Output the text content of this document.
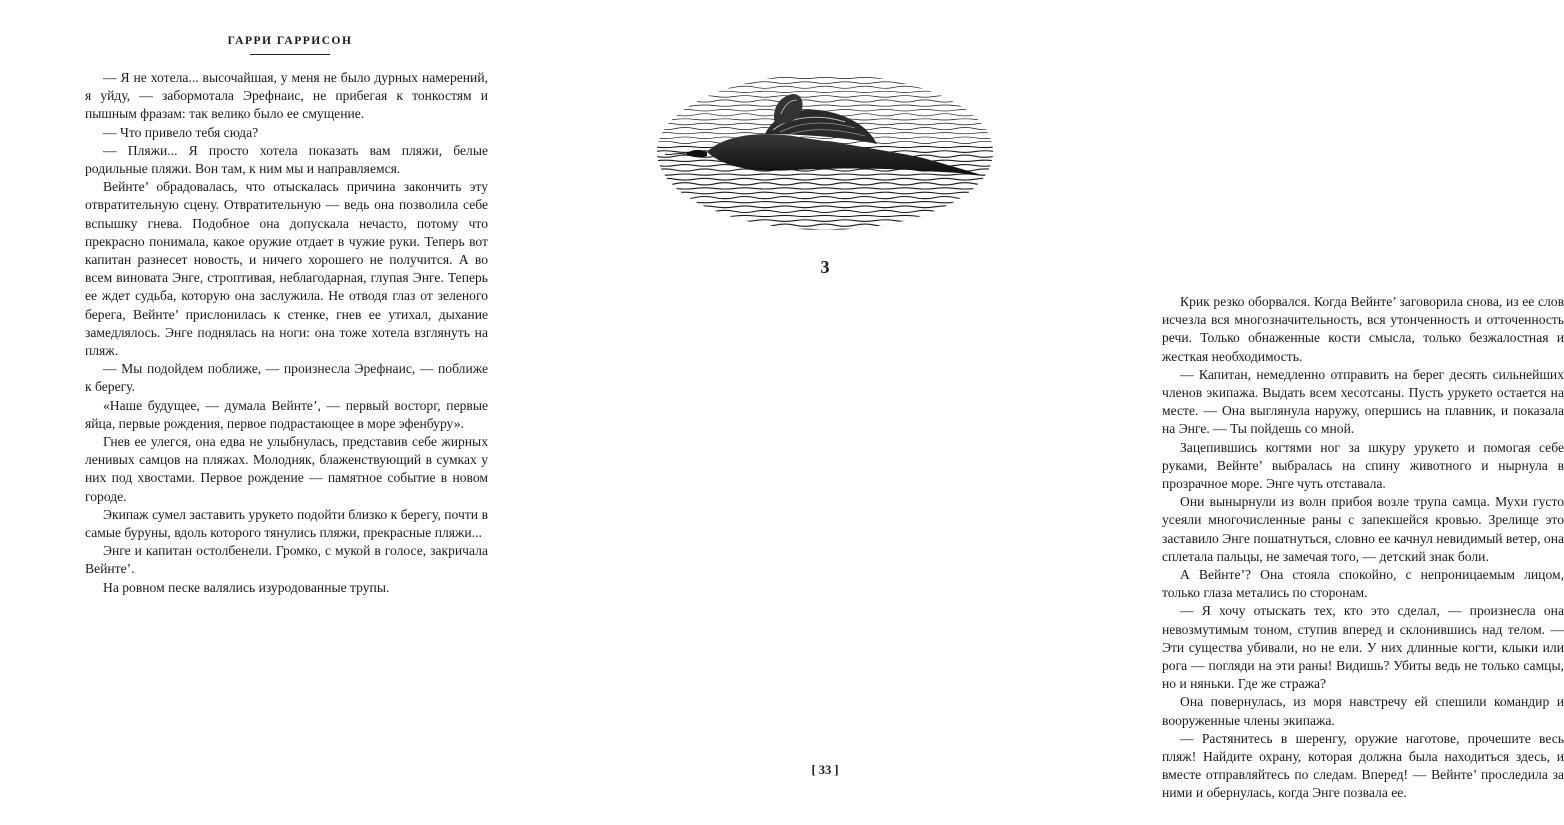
ГАРРИ ГАРРИСОН

— Я не хотела... высочайшая, у меня не было дурных намерений, я уйду, — забормотала Эрефнаис, не прибегая к тонкостям и пышным фразам: так велико было ее смущение.

— Что привело тебя сюда?

— Пляжи... Я просто хотела показать вам пляжи, белые родильные пляжи. Вон там, к ним мы и направляемся.

Вейнте’ обрадовалась, что отыскалась причина закончить эту отвратительную сцену. Отвратительную — ведь она позволила себе вспышку гнева. Подобное она допускала нечасто, потому что прекрасно понимала, какое оружие отдает в чужие руки. Теперь вот капитан разнесет новость, и ничего хорошего не получится. А во всем виновата Энге, строптивая, неблагодарная, глупая Энге. Теперь ее ждет судьба, которую она заслужила. Не отводя глаз от зеленого берега, Вейнте’ прислонилась к стенке, гнев ее утихал, дыхание замедлялось. Энге поднялась на ноги: она тоже хотела взглянуть на пляж.

— Мы подойдем поближе, — произнесла Эрефнаис, — поближе к берегу.

«Наше будущее, — думала Вейнте’, — первый восторг, первые яйца, первые рождения, первое подрастающее в море эфенбуру».

Гнев ее улегся, она едва не улыбнулась, представив себе жирных ленивых самцов на пляжах. Молодняк, блаженствующий в сумках у них под хвостами. Первое рождение — памятное событие в новом городе.

Экипаж сумел заставить урукето подойти близко к берегу, почти в самые буруны, вдоль которого тянулись пляжи, прекрасные пляжи...

Энге и капитан остолбенели. Громко, с мукой в голосе, закричала Вейнте’.

На ровном песке валялись изуродованные трупы.

3

Крик резко оборвался. Когда Вейнте’ заговорила снова, из ее слов исчезла вся многозначительность, вся утонченность и отточенность речи. Только обнаженные кости смысла, только безжалостная и жесткая необходимость.

— Капитан, немедленно отправить на берег десять сильнейших членов экипажа. Выдать всем хесотсаны. Пусть урукето остается на месте. — Она выглянула наружу, опершись на плавник, и показала на Энге. — Ты пойдешь со мной.

Зацепившись когтями ног за шкуру урукето и помогая себе руками, Вейнте’ выбралась на спину животного и нырнула в прозрачное море. Энге чуть отставала.

Они вынырнули из волн прибоя возле трупа самца. Мухи густо усеяли многочисленные раны с запекшейся кровью. Зрелище это заставило Энге пошатнуться, словно ее качнул невидимый ветер, она сплетала пальцы, не замечая того, — детский знак боли.

А Вейнте’? Она стояла спокойно, с непроницаемым лицом, только глаза метались по сторонам.

— Я хочу отыскать тех, кто это сделал, — произнесла она невозмутимым тоном, ступив вперед и склонившись над телом. — Эти существа убивали, но не ели. У них длинные когти, клыки или рога — погляди на эти раны! Видишь? Убиты ведь не только самцы, но и няньки. Где же стража?

Она повернулась, из моря навстречу ей спешили командир и вооруженные члены экипажа.

— Растянитесь в шеренгу, оружие наготове, прочешите весь пляж! Найдите охрану, которая должна была находиться здесь, и вместе отправляйтесь по следам. Вперед! — Вейнте’ проследила за ними и обернулась, когда Энге позвала ее.

[ 33 ]
